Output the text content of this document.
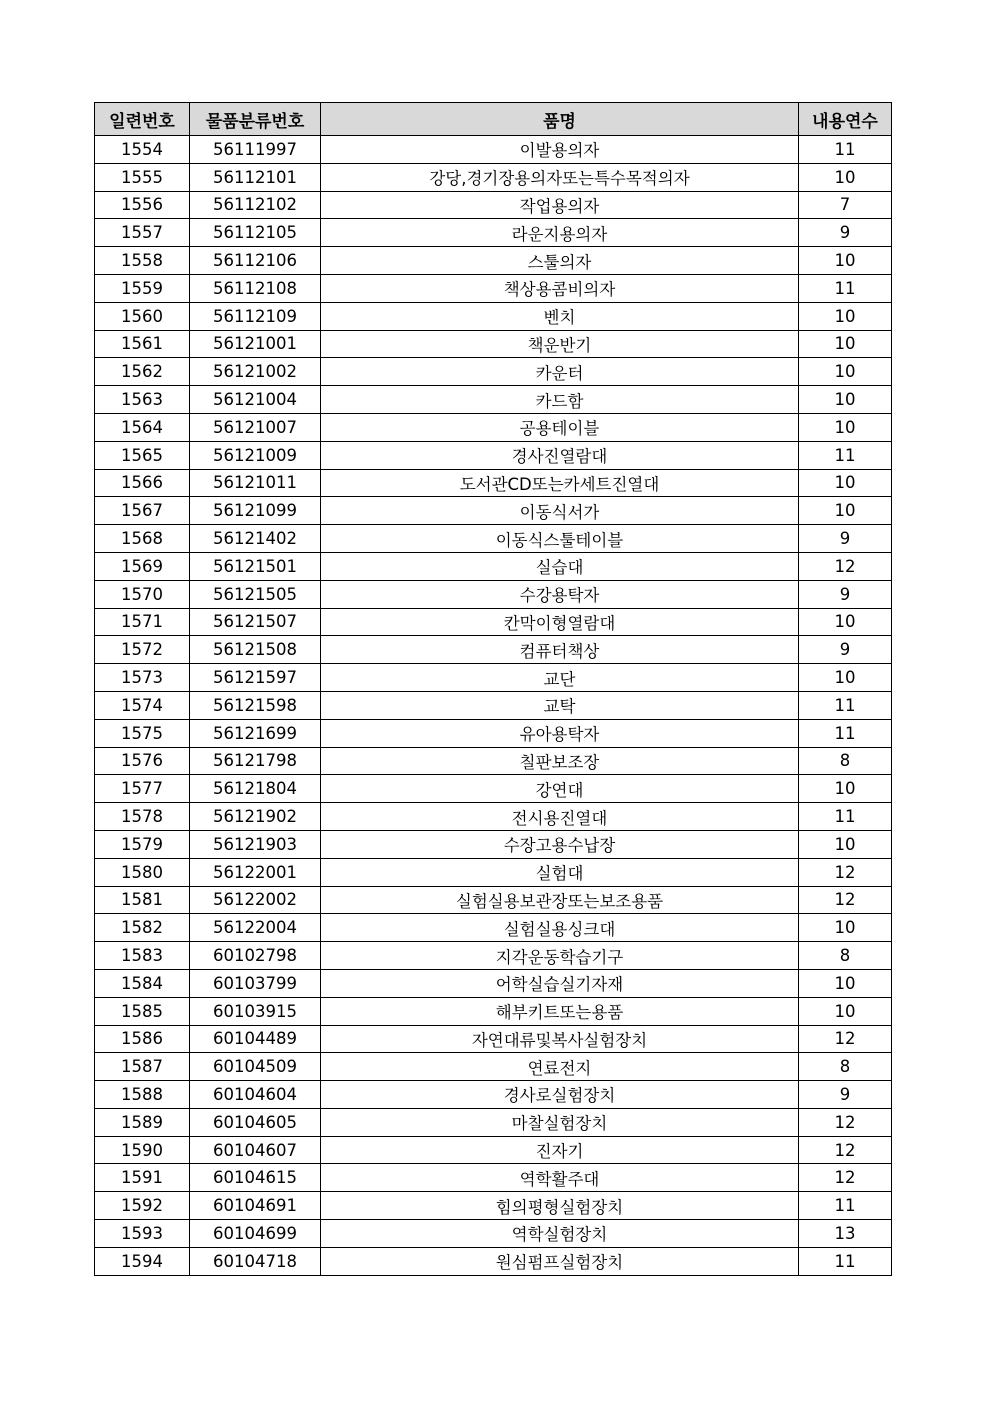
일련번호	물품분류번호	품명	내용연수
1554	56111997	이발용의자	11
1555	56112101	강당,경기장용의자또는특수목적의자	10
1556	56112102	작업용의자	7
1557	56112105	라운지용의자	9
1558	56112106	스툴의자	10
1559	56112108	책상용콤비의자	11
1560	56112109	벤치	10
1561	56121001	책운반기	10
1562	56121002	카운터	10
1563	56121004	카드함	10
1564	56121007	공용테이블	10
1565	56121009	경사진열람대	11
1566	56121011	도서관CD또는카세트진열대	10
1567	56121099	이동식서가	10
1568	56121402	이동식스툴테이블	9
1569	56121501	실습대	12
1570	56121505	수강용탁자	9
1571	56121507	칸막이형열람대	10
1572	56121508	컴퓨터책상	9
1573	56121597	교단	10
1574	56121598	교탁	11
1575	56121699	유아용탁자	11
1576	56121798	칠판보조장	8
1577	56121804	강연대	10
1578	56121902	전시용진열대	11
1579	56121903	수장고용수납장	10
1580	56122001	실험대	12
1581	56122002	실험실용보관장또는보조용품	12
1582	56122004	실험실용싱크대	10
1583	60102798	지각운동학습기구	8
1584	60103799	어학실습실기자재	10
1585	60103915	해부키트또는용품	10
1586	60104489	자연대류및복사실험장치	12
1587	60104509	연료전지	8
1588	60104604	경사로실험장치	9
1589	60104605	마찰실험장치	12
1590	60104607	진자기	12
1591	60104615	역학활주대	12
1592	60104691	힘의평형실험장치	11
1593	60104699	역학실험장치	13
1594	60104718	원심펌프실험장치	11
